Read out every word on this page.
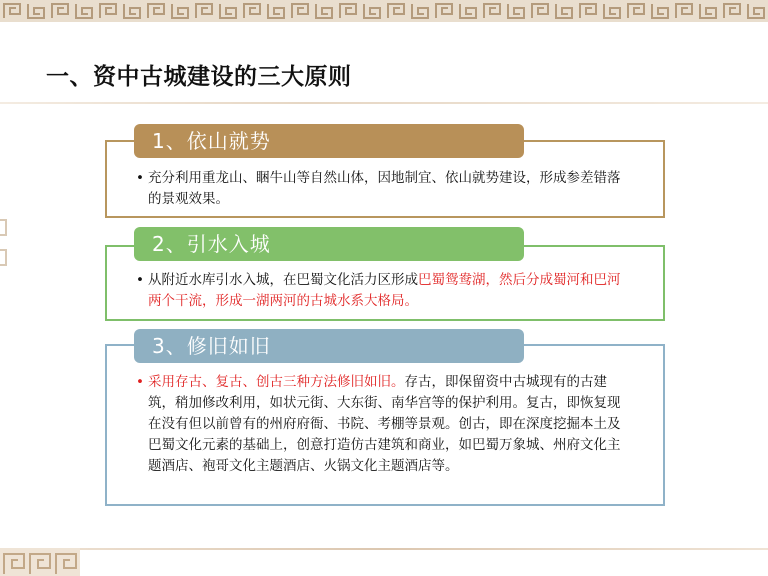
一、资中古城建设的三大原则
1、依山就势
• 充分利用重龙山、睏牛山等自然山体，因地制宜、依山就势建设，形成参差错落的景观效果。
2、引水入城
• 从附近水库引水入城，在巴蜀文化活力区形成巴蜀鸳鸯湖，然后分成蜀河和巴河两个干流，形成一湖两河的古城水系大格局。
3、修旧如旧
• 采用存古、复古、创古三种方法修旧如旧。存古，即保留资中古城现有的古建筑，稍加修改利用，如状元街、大东街、南华宫等的保护利用。复古，即恢复现在没有但以前曾有的州府府衙、书院、考棚等景观。创古，即在深度挖掘本土及巴蜀文化元素的基础上，创意打造仿古建筑和商业，如巴蜀万象城、州府文化主题酒店、袍哥文化主题酒店、火锅文化主题酒店等。
